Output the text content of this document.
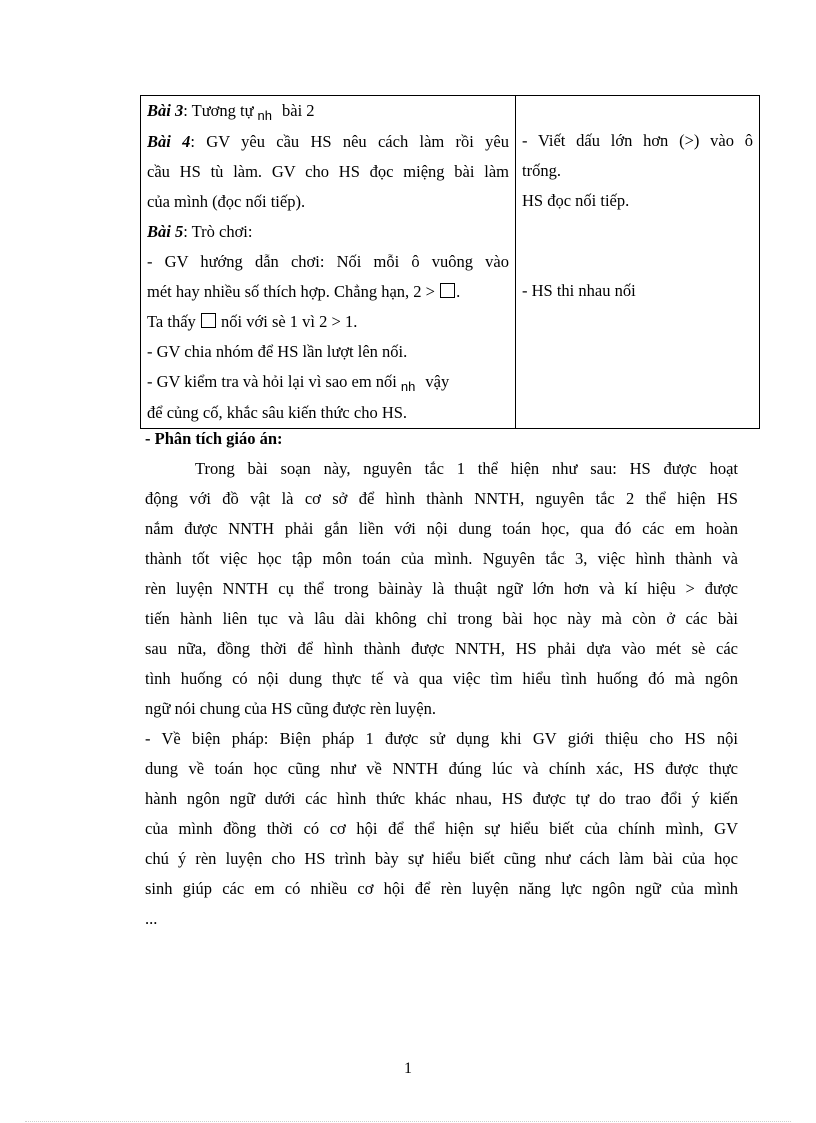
Bài 3: Tương tự $_{nh}$ bài 2
Bài 4: GV yêu cầu HS nêu cách làm rồi yêu
cầu HS tù làm. GV cho HS đọc miệng bài làm
của mình (đọc nối tiếp).
Bài 5: Trò chơi:
- GV hướng dẫn chơi: Nối mỗi ô vuông vào
mét hay nhiều số thích hợp. Chẳng hạn, 2 > .
Ta thấy nối với sè 1 vì 2 > 1.
- GV chia nhóm để HS lần lượt lên nối.
- GV kiểm tra và hỏi lại vì sao em nối $_{nh}$ vậy
để củng cố, khắc sâu kiến thức cho HS.

- Viết dấu lớn hơn (>) vào ô
trống.
HS đọc nối tiếp.
- HS thi nhau nối
- Phân tích giáo án:
Trong bài soạn này, nguyên tắc 1 thể hiện như sau: HS được hoạt
động với đồ vật là cơ sở để hình thành NNTH, nguyên tắc 2 thể hiện HS
nắm được NNTH phải gắn liền với nội dung toán học, qua đó các em hoàn
thành tốt việc học tập môn toán của mình. Nguyên tắc 3, việc hình thành và
rèn luyện NNTH cụ thể trong bàinày là thuật ngữ lớn hơn và kí hiệu > được
tiến hành liên tục và lâu dài không chỉ trong bài học này mà còn ở các bài
sau nữa, đồng thời để hình thành được NNTH, HS phải dựa vào mét sè các
tình huống có nội dung thực tế và qua việc tìm hiểu tình huống đó mà ngôn
ngữ nói chung của HS cũng được rèn luyện.
- Về biện pháp: Biện pháp 1 được sử dụng khi GV giới thiệu cho HS nội
dung về toán học cũng như về NNTH đúng lúc và chính xác, HS được thực
hành ngôn ngữ dưới các hình thức khác nhau, HS được tự do trao đổi ý kiến
của mình đồng thời có cơ hội để thể hiện sự hiểu biết của chính mình, GV
chú ý rèn luyện cho HS trình bày sự hiểu biết cũng như cách làm bài của học
sinh giúp các em có nhiều cơ hội để rèn luyện năng lực ngôn ngữ của mình
...
1
